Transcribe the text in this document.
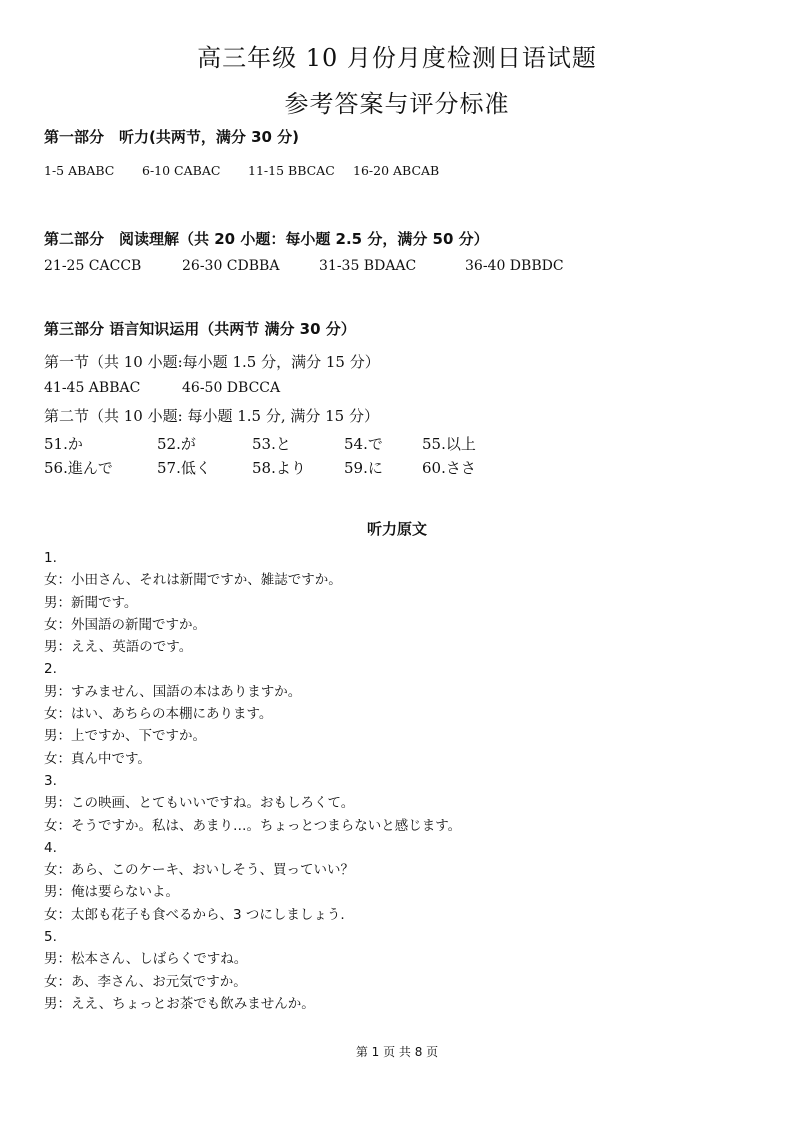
高三年级 10 月份月度检测日语试题
参考答案与评分标准
第一部分　听力(共两节，满分 30 分)
1-5 ABABC 6-10 CABAC 11-15 BBCAC 16-20 ABCAB
第二部分　阅读理解（共 20 小题：每小题 2.5 分，满分 50 分）
21-25 CACCB	26-30 CDBBA	31-35 BDAAC	36-40 DBBDC
第三部分 语言知识运用（共两节 满分 30 分）
第一节（共 10 小题:每小题 1.5 分，满分 15 分）
41-45 ABBAC	46-50 DBCCA
第二节（共 10 小题: 每小题 1.5 分, 满分 15 分）
51.か	52.が	53.と	54.で	55.以上
56.進んで	57.低く	58.より	59.に	60.ささ
听力原文
1.
女：小田さん、それは新聞ですか、雑誌ですか。
男：新聞です。
女：外国語の新聞ですか。
男：ええ、英語のです。
2.
男：すみません、国語の本はありますか。
女：はい、あちらの本棚にあります。
男：上ですか、下ですか。
女：真ん中です。
3.
男：この映画、とてもいいですね。おもしろくて。
女：そうですか。私は、あまり…。ちょっとつまらないと感じます。
4.
女：あら、このケーキ、おいしそう、買っていい？
男：俺は要らないよ。
女：太郎も花子も食べるから、3 つにしましょう.
5.
男：松本さん、しばらくですね。
女：あ、李さん、お元気ですか。
男：ええ、ちょっとお茶でも飲みませんか。
第 1 页 共 8 页
